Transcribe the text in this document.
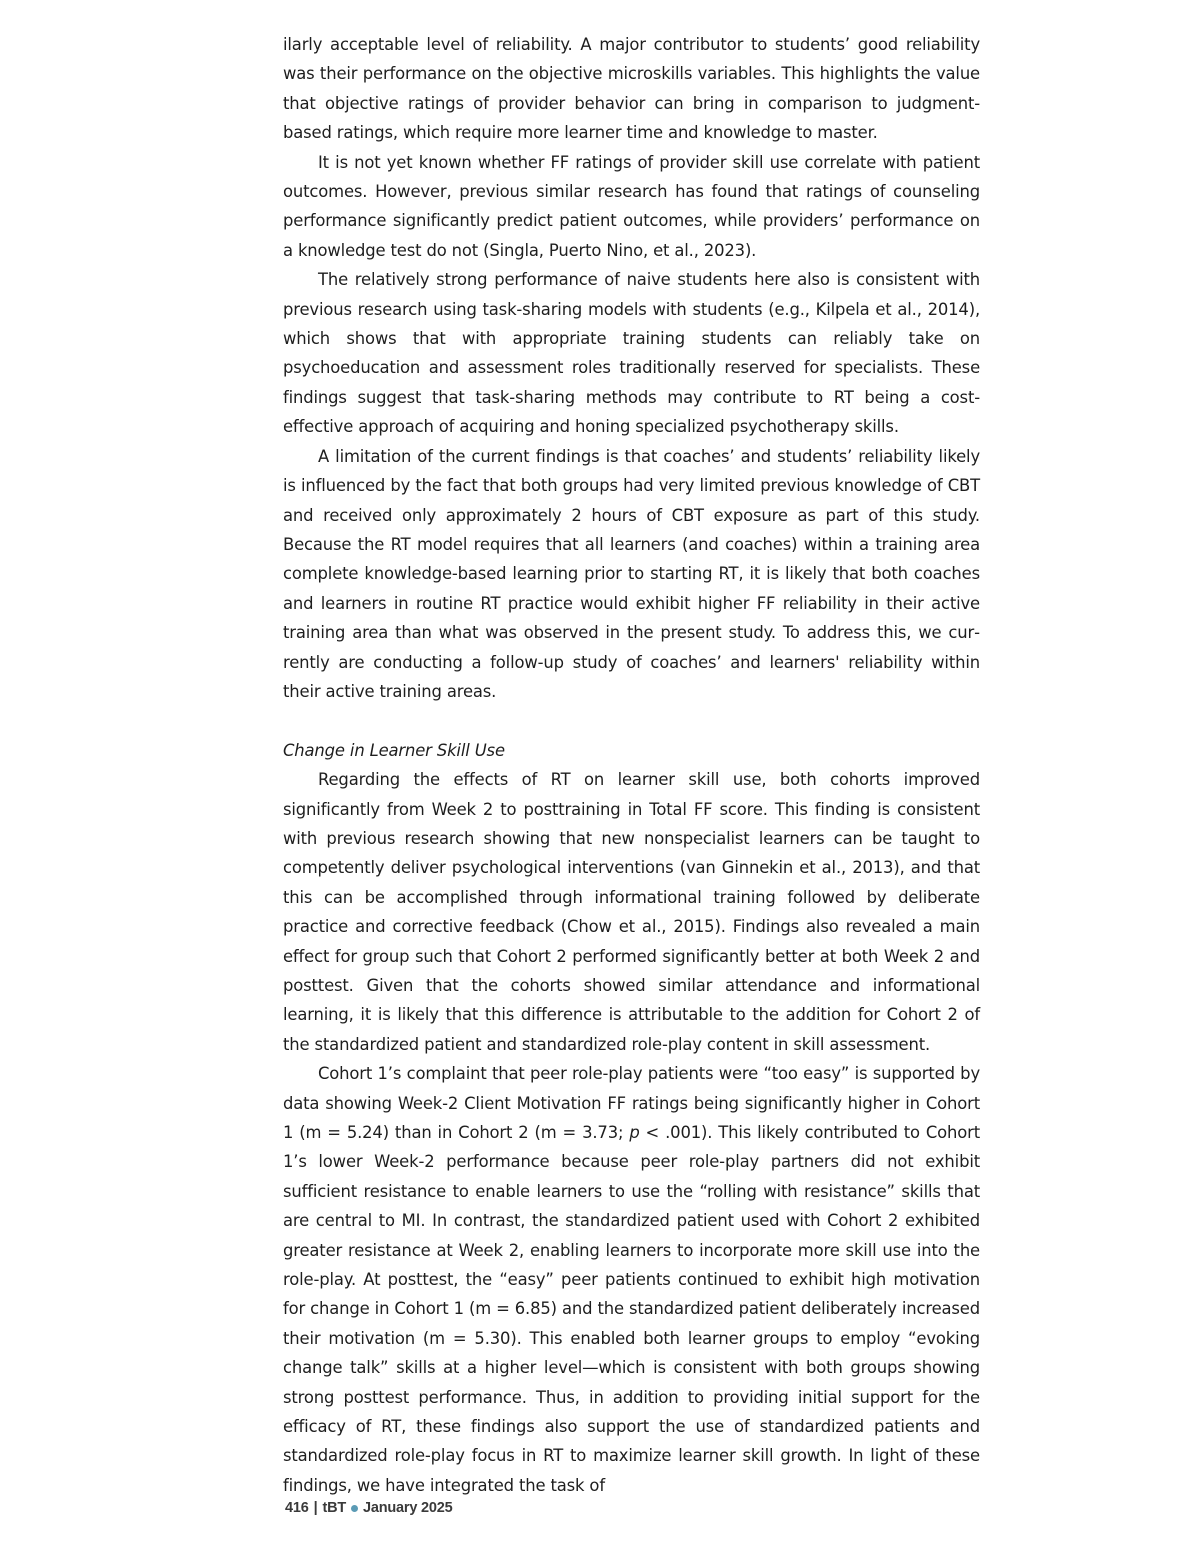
ilarly acceptable level of reliability. A major contributor to students’ good reliability was their performance on the objective microskills variables. This highlights the value that objective ratings of provider behavior can bring in comparison to judgment-based ratings, which require more learner time and knowledge to master.

It is not yet known whether FF ratings of provider skill use correlate with patient outcomes. However, previous similar research has found that ratings of counseling performance significantly predict patient outcomes, while providers’ performance on a knowledge test do not (Singla, Puerto Nino, et al., 2023).

The relatively strong performance of naive students here also is consistent with previous research using task-sharing models with students (e.g., Kilpela et al., 2014), which shows that with appropriate training students can reliably take on psychoeducation and assessment roles traditionally reserved for specialists. These findings suggest that task-sharing methods may contribute to RT being a cost-effective approach of acquiring and honing specialized psychotherapy skills.

A limitation of the current findings is that coaches’ and students’ reliability likely is influenced by the fact that both groups had very limited previous knowledge of CBT and received only approximately 2 hours of CBT exposure as part of this study. Because the RT model requires that all learners (and coaches) within a training area complete knowledge-based learning prior to starting RT, it is likely that both coaches and learners in routine RT practice would exhibit higher FF reliability in their active training area than what was observed in the present study. To address this, we currently are conducting a follow-up study of coaches’ and learners' reliability within their active training areas.

Change in Learner Skill Use

Regarding the effects of RT on learner skill use, both cohorts improved significantly from Week 2 to posttraining in Total FF score. This finding is consistent with previous research showing that new nonspecialist learners can be taught to competently deliver psychological interventions (van Ginnekin et al., 2013), and that this can be accomplished through informational training followed by deliberate practice and corrective feedback (Chow et al., 2015). Findings also revealed a main effect for group such that Cohort 2 performed significantly better at both Week 2 and posttest. Given that the cohorts showed similar attendance and informational learning, it is likely that this difference is attributable to the addition for Cohort 2 of the standardized patient and standardized role-play content in skill assessment.

Cohort 1’s complaint that peer role-play patients were “too easy” is supported by data showing Week-2 Client Motivation FF ratings being significantly higher in Cohort 1 (m = 5.24) than in Cohort 2 (m = 3.73; p < .001). This likely contributed to Cohort 1’s lower Week-2 performance because peer role-play partners did not exhibit sufficient resistance to enable learners to use the “rolling with resistance” skills that are central to MI. In contrast, the standardized patient used with Cohort 2 exhibited greater resistance at Week 2, enabling learners to incorporate more skill use into the role-play. At posttest, the “easy” peer patients continued to exhibit high motivation for change in Cohort 1 (m = 6.85) and the standardized patient deliberately increased their motivation (m = 5.30). This enabled both learner groups to employ “evoking change talk” skills at a higher level—which is consistent with both groups showing strong posttest performance. Thus, in addition to providing initial support for the efficacy of RT, these findings also support the use of standardized patients and standardized role-play focus in RT to maximize learner skill growth. In light of these findings, we have integrated the task of

416 | tBT January 2025
